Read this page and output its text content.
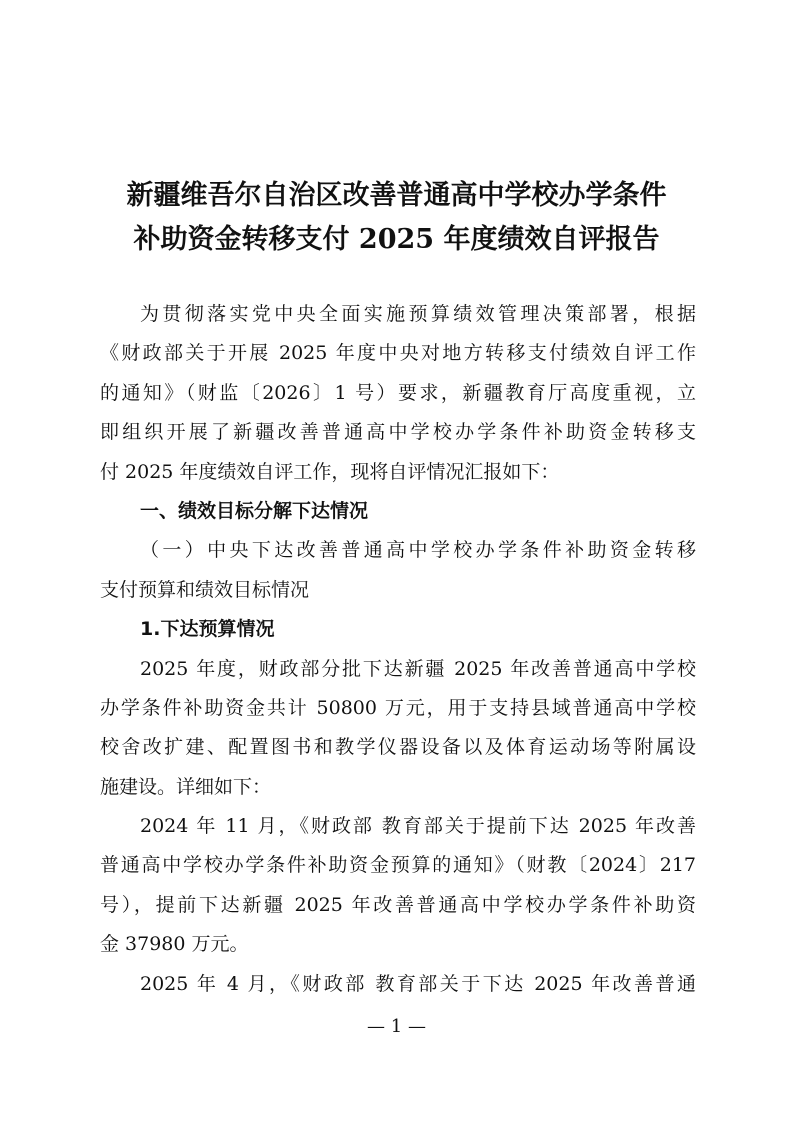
新疆维吾尔自治区改善普通高中学校办学条件
补助资金转移支付 2025 年度绩效自评报告
为贯彻落实党中央全面实施预算绩效管理决策部署，根据
《财政部关于开展 2025 年度中央对地方转移支付绩效自评工作
的通知》（财监〔2026〕1 号）要求，新疆教育厅高度重视，立
即组织开展了新疆改善普通高中学校办学条件补助资金转移支
付 2025 年度绩效自评工作，现将自评情况汇报如下：
一、绩效目标分解下达情况
（一）中央下达改善普通高中学校办学条件补助资金转移
支付预算和绩效目标情况
1.下达预算情况
2025 年度，财政部分批下达新疆 2025 年改善普通高中学校
办学条件补助资金共计 50800 万元，用于支持县域普通高中学校
校舍改扩建、配置图书和教学仪器设备以及体育运动场等附属设
施建设。详细如下：
2024 年 11 月，《财政部 教育部关于提前下达 2025 年改善
普通高中学校办学条件补助资金预算的通知》（财教〔2024〕217
号），提前下达新疆 2025 年改善普通高中学校办学条件补助资
金 37980 万元。
2025 年 4 月，《财政部 教育部关于下达 2025 年改善普通
— 1 —
